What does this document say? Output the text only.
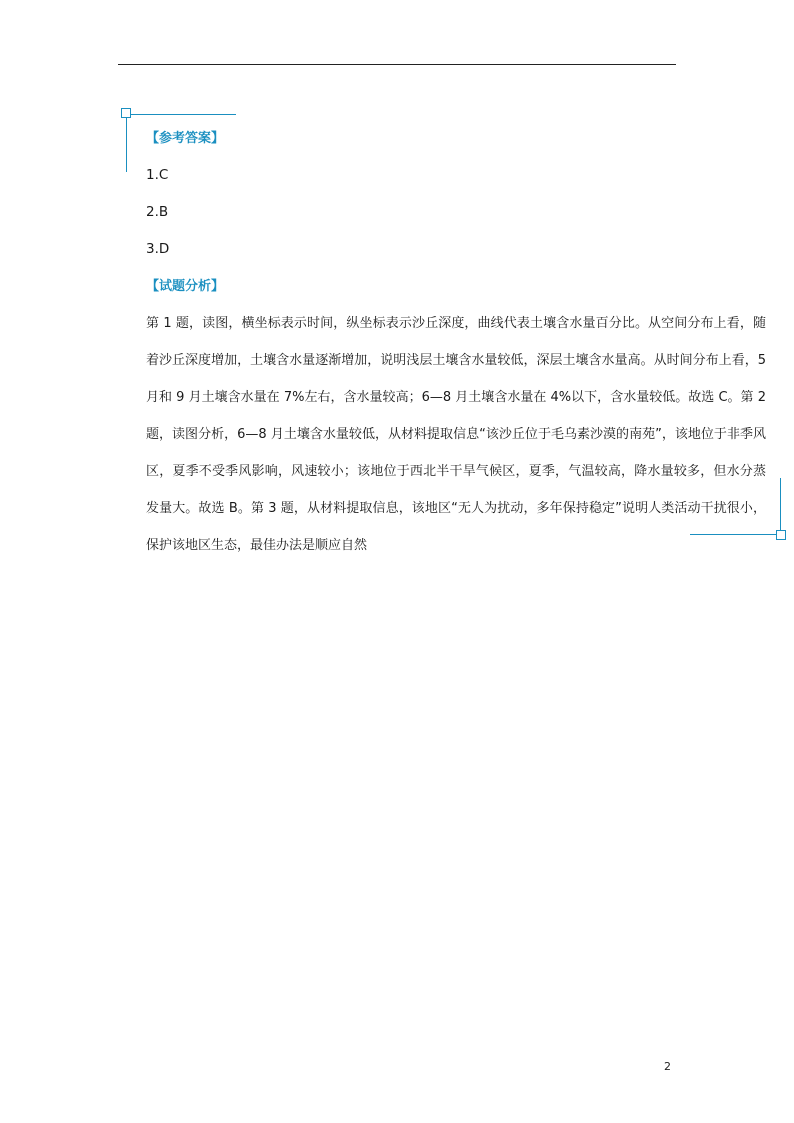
【参考答案】

1.C

2.B

3.D

【试题分析】

第 1 题，读图，横坐标表示时间，纵坐标表示沙丘深度，曲线代表土壤含水量百分比。从空间分布上看，随着沙丘深度增加，土壤含水量逐渐增加，说明浅层土壤含水量较低，深层土壤含水量高。从时间分布上看，5 月和 9 月土壤含水量在 7%左右，含水量较高；6—8 月土壤含水量在 4%以下，含水量较低。故选 C。第 2 题，读图分析，6—8 月土壤含水量较低，从材料提取信息“该沙丘位于毛乌素沙漠的南苑”，该地位于非季风区，夏季不受季风影响，风速较小；该地位于西北半干旱气候区，夏季，气温较高，降水量较多，但水分蒸发量大。故选 B。第 3 题，从材料提取信息，该地区“无人为扰动，多年保持稳定”说明人类活动干扰很小，保护该地区生态，最佳办法是顺应自然

2
